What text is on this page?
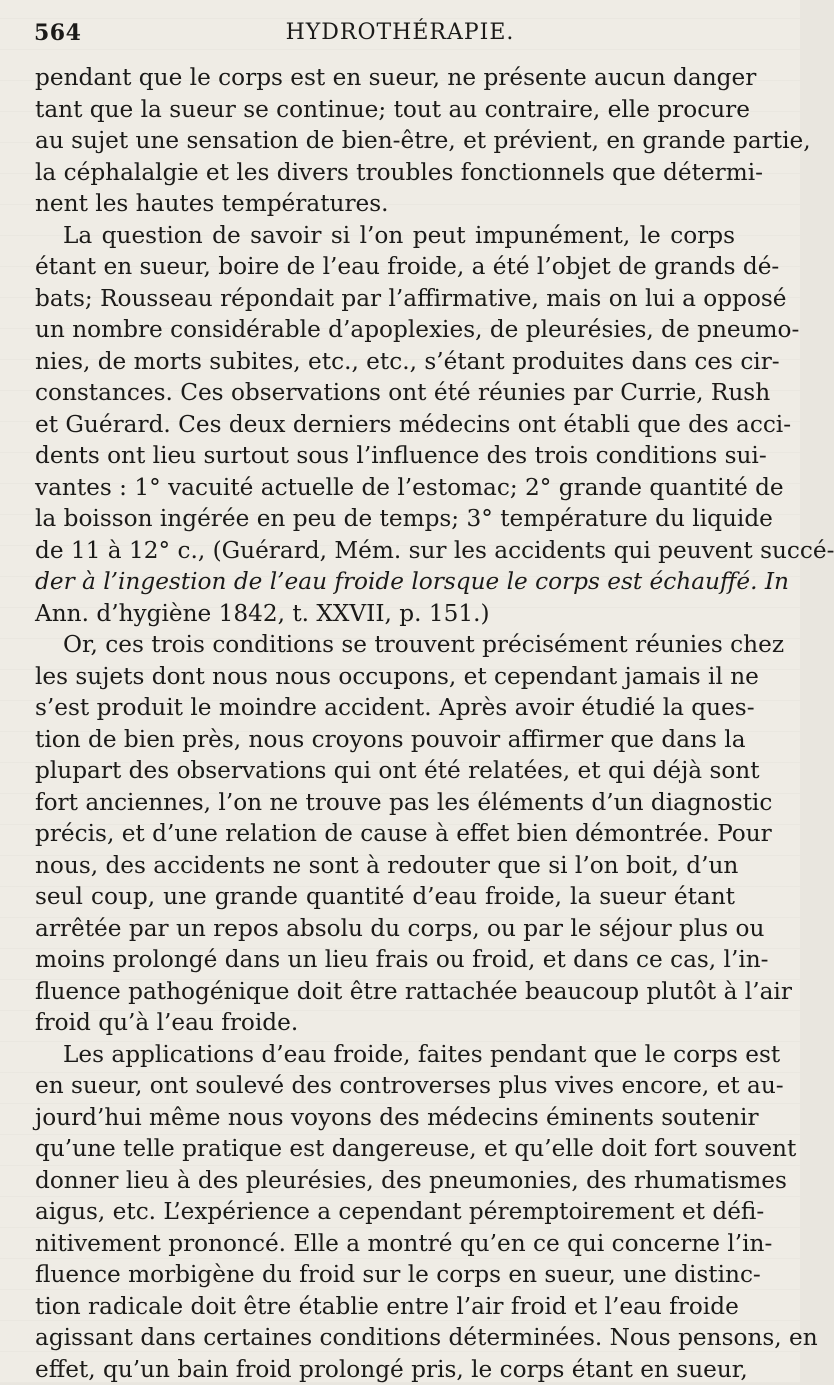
564	HYDROTHÉRAPIE.
pendant que le corps est en sueur, ne présente aucun danger
tant que la sueur se continue; tout au contraire, elle procure
au sujet une sensation de bien-être, et prévient, en grande partie,
la céphalalgie et les divers troubles fonctionnels que détermi-
nent les hautes températures.
La question de savoir si l’on peut impunément, le corps
étant en sueur, boire de l’eau froide, a été l’objet de grands dé-
bats; Rousseau répondait par l’affirmative, mais on lui a opposé
un nombre considérable d’apoplexies, de pleurésies, de pneumo-
nies, de morts subites, etc., etc., s’étant produites dans ces cir-
constances. Ces observations ont été réunies par Currie, Rush
et Guérard. Ces deux derniers médecins ont établi que des acci-
dents ont lieu surtout sous l’influence des trois conditions sui-
vantes : 1° vacuité actuelle de l’estomac; 2° grande quantité de
la boisson ingérée en peu de temps; 3° température du liquide
de 11 à 12° c., (Guérard, Mém. sur les accidents qui peuvent succé-
der à l’ingestion de l’eau froide lorsque le corps est échauffé. In
Ann. d’hygiène 1842, t. XXVII, p. 151.)
Or, ces trois conditions se trouvent précisément réunies chez
les sujets dont nous nous occupons, et cependant jamais il ne
s’est produit le moindre accident. Après avoir étudié la ques-
tion de bien près, nous croyons pouvoir affirmer que dans la
plupart des observations qui ont été relatées, et qui déjà sont
fort anciennes, l’on ne trouve pas les éléments d’un diagnostic
précis, et d’une relation de cause à effet bien démontrée. Pour
nous, des accidents ne sont à redouter que si l’on boit, d’un
seul coup, une grande quantité d’eau froide, la sueur étant
arrêtée par un repos absolu du corps, ou par le séjour plus ou
moins prolongé dans un lieu frais ou froid, et dans ce cas, l’in-
fluence pathogénique doit être rattachée beaucoup plutôt à l’air
froid qu’à l’eau froide.
Les applications d’eau froide, faites pendant que le corps est
en sueur, ont soulevé des controverses plus vives encore, et au-
jourd’hui même nous voyons des médecins éminents soutenir
qu’une telle pratique est dangereuse, et qu’elle doit fort souvent
donner lieu à des pleurésies, des pneumonies, des rhumatismes
aigus, etc. L’expérience a cependant péremptoirement et défi-
nitivement prononcé. Elle a montré qu’en ce qui concerne l’in-
fluence morbigène du froid sur le corps en sueur, une distinc-
tion radicale doit être établie entre l’air froid et l’eau froide
agissant dans certaines conditions déterminées. Nous pensons, en
effet, qu’un bain froid prolongé pris, le corps étant en sueur,
